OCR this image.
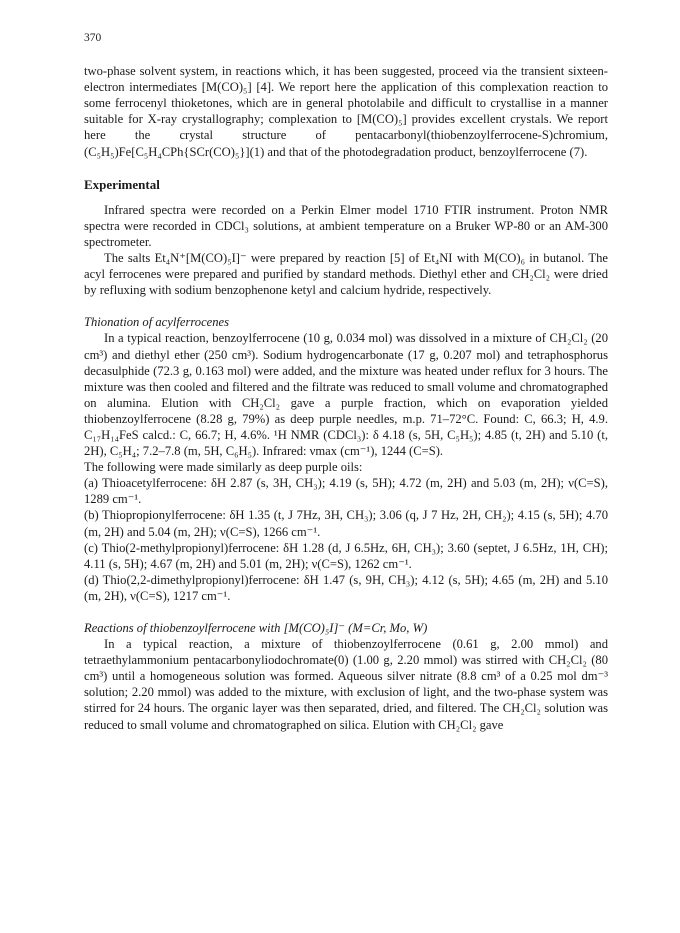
370

two-phase solvent system, in reactions which, it has been suggested, proceed via the transient sixteen-electron intermediates [M(CO)₅] [4]. We report here the application of this complexation reaction to some ferrocenyl thioketones, which are in general photolabile and difficult to crystallise in a manner suitable for X-ray crystallography; complexation to [M(CO)₅] provides excellent crystals. We report here the crystal structure of pentacarbonyl(thiobenzoylferrocene-S)chromium, (C₅H₅)Fe[C₅H₄CPh{SCr(CO)₅}](1) and that of the photodegradation product, benzoylferrocene (7).

Experimental

Infrared spectra were recorded on a Perkin Elmer model 1710 FTIR instrument. Proton NMR spectra were recorded in CDCl₃ solutions, at ambient temperature on a Bruker WP-80 or an AM-300 spectrometer.

The salts Et₄N⁺[M(CO)₅I]⁻ were prepared by reaction [5] of Et₄NI with M(CO)₆ in butanol. The acyl ferrocenes were prepared and purified by standard methods. Diethyl ether and CH₂Cl₂ were dried by refluxing with sodium benzophenone ketyl and calcium hydride, respectively.

Thionation of acylferrocenes

In a typical reaction, benzoylferrocene (10 g, 0.034 mol) was dissolved in a mixture of CH₂Cl₂ (20 cm³) and diethyl ether (250 cm³). Sodium hydrogencarbonate (17 g, 0.207 mol) and tetraphosphorus decasulphide (72.3 g, 0.163 mol) were added, and the mixture was heated under reflux for 3 hours. The mixture was then cooled and filtered and the filtrate was reduced to small volume and chromatographed on alumina. Elution with CH₂Cl₂ gave a purple fraction, which on evaporation yielded thiobenzoylferrocene (8.28 g, 79%) as deep purple needles, m.p. 71–72°C. Found: C, 66.3; H, 4.9. C₁₇H₁₄FeS calcd.: C, 66.7; H, 4.6%. ¹H NMR (CDCl₃): δ 4.18 (s, 5H, C₅H₅); 4.85 (t, 2H) and 5.10 (t, 2H), C₅H₄; 7.2–7.8 (m, 5H, C₆H₅). Infrared: νmax (cm⁻¹), 1244 (C=S).

The following were made similarly as deep purple oils:

(a) Thioacetylferrocene: δH 2.87 (s, 3H, CH₃); 4.19 (s, 5H); 4.72 (m, 2H) and 5.03 (m, 2H); ν(C=S), 1289 cm⁻¹.

(b) Thiopropionylferrocene: δH 1.35 (t, J 7Hz, 3H, CH₃); 3.06 (q, J 7 Hz, 2H, CH₂); 4.15 (s, 5H); 4.70 (m, 2H) and 5.04 (m, 2H); ν(C=S), 1266 cm⁻¹.

(c) Thio(2-methylpropionyl)ferrocene: δH 1.28 (d, J 6.5Hz, 6H, CH₃); 3.60 (septet, J 6.5Hz, 1H, CH); 4.11 (s, 5H); 4.67 (m, 2H) and 5.01 (m, 2H); ν(C=S), 1262 cm⁻¹.

(d) Thio(2,2-dimethylpropionyl)ferrocene: δH 1.47 (s, 9H, CH₃); 4.12 (s, 5H); 4.65 (m, 2H) and 5.10 (m, 2H), ν(C=S), 1217 cm⁻¹.

Reactions of thiobenzoylferrocene with [M(CO)₅I]⁻ (M=Cr, Mo, W)

In a typical reaction, a mixture of thiobenzoylferrocene (0.61 g, 2.00 mmol) and tetraethylammonium pentacarbonyliodochromate(0) (1.00 g, 2.20 mmol) was stirred with CH₂Cl₂ (80 cm³) until a homogeneous solution was formed. Aqueous silver nitrate (8.8 cm³ of a 0.25 mol dm⁻³ solution; 2.20 mmol) was added to the mixture, with exclusion of light, and the two-phase system was stirred for 24 hours. The organic layer was then separated, dried, and filtered. The CH₂Cl₂ solution was reduced to small volume and chromatographed on silica. Elution with CH₂Cl₂ gave
